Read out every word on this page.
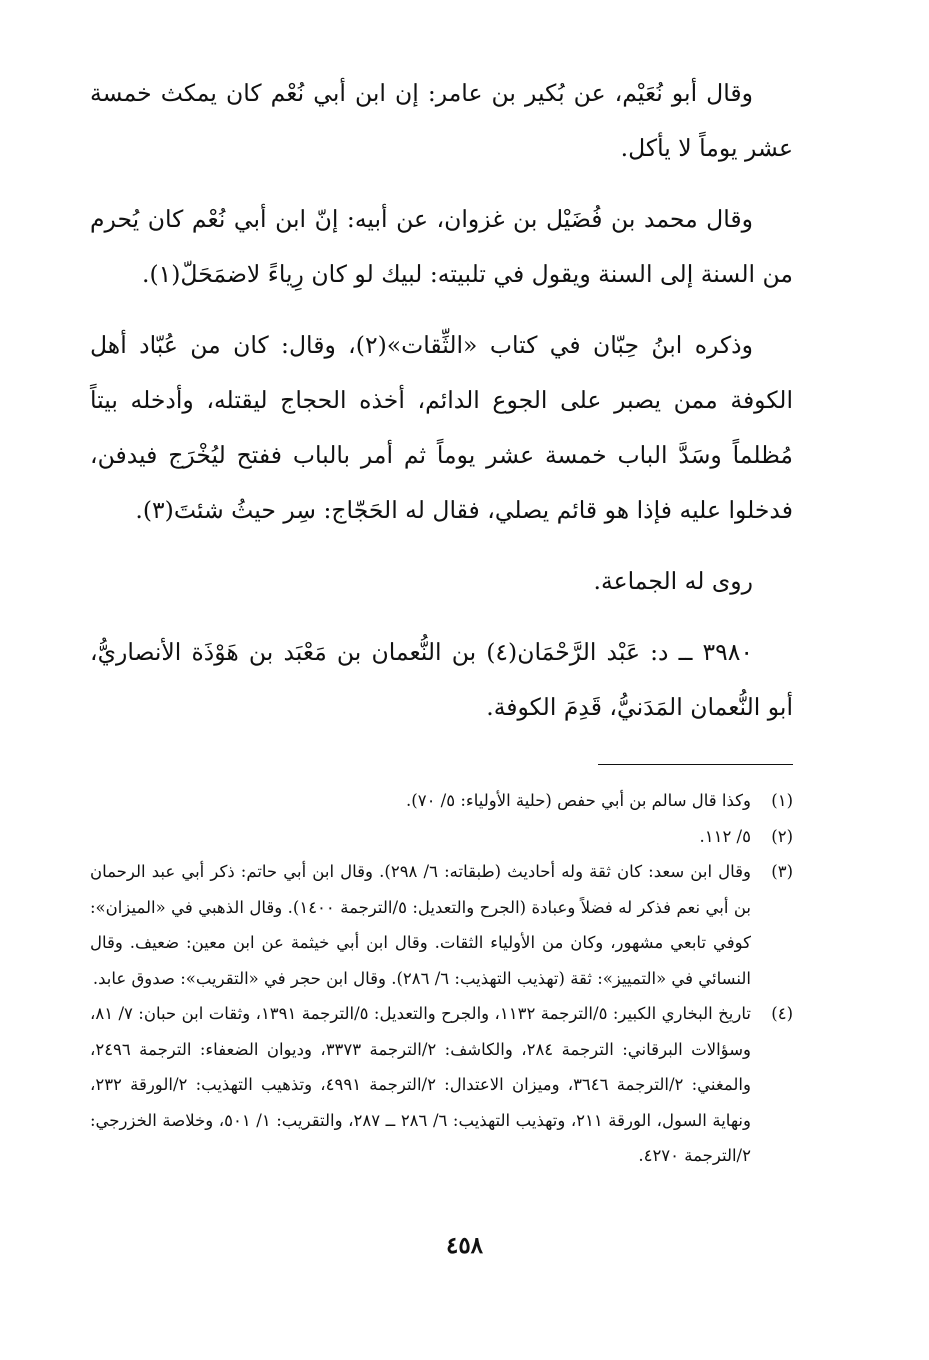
وقال أبو نُعَيْم، عن بُكير بن عامر: إن ابن أبي نُعْم كان يمكث خمسة عشر يوماً لا يأكل.

وقال محمد بن فُضَيْل بن غزوان، عن أبيه: إنّ ابن أبي نُعْم كان يُحرم من السنة إلى السنة ويقول في تلبيته: لبيك لو كان رِياءً لاضمَحَلّ(١).

وذكره ابنُ حِبّان في كتاب «الثِّقات»(٢)، وقال: كان من عُبّاد أهل الكوفة ممن يصبر على الجوع الدائم، أخذه الحجاج ليقتله، وأدخله بيتاً مُظلماً وسَدَّ الباب خمسة عشر يوماً ثم أمر بالباب ففتح ليُخْرَج فيدفن، فدخلوا عليه فإذا هو قائم يصلي، فقال له الحَجّاج: سِر حيثُ شئتَ(٣).

روى له الجماعة.

٣٩٨٠ ــ د: عَبْد الرَّحْمَان(٤) بن النُّعمان بن مَعْبَد بن هَوْذَة الأنصاريُّ، أبو النُّعمان المَدَنيُّ، قَدِمَ الكوفة.

(١)
وكذا قال سالم بن أبي حفص (حلية الأولياء: ٥/ ٧٠).
(٢)
٥/ ١١٢.
(٣)
وقال ابن سعد: كان ثقة وله أحاديث (طبقاته: ٦/ ٢٩٨). وقال ابن أبي حاتم: ذكر أبي عبد الرحمان بن أبي نعم فذكر له فضلاً وعبادة (الجرح والتعديل: ٥/الترجمة ١٤٠٠). وقال الذهبي في «الميزان»: كوفي تابعي مشهور، وكان من الأولياء الثقات. وقال ابن أبي خيثمة عن ابن معين: ضعيف. وقال النسائي في «التمييز»: ثقة (تهذيب التهذيب: ٦/ ٢٨٦). وقال ابن حجر في «التقريب»: صدوق عابد.
(٤)
تاريخ البخاري الكبير: ٥/الترجمة ١١٣٢، والجرح والتعديل: ٥/الترجمة ١٣٩١، وثقات ابن حبان: ٧/ ٨١، وسؤالات البرقاني: الترجمة ٢٨٤، والكاشف: ٢/الترجمة ٣٣٧٣، وديوان الضعفاء: الترجمة ٢٤٩٦، والمغني: ٢/الترجمة ٣٦٤٦، وميزان الاعتدال: ٢/الترجمة ٤٩٩١، وتذهيب التهذيب: ٢/الورقة ٢٣٢، ونهاية السول، الورقة ٢١١، وتهذيب التهذيب: ٦/ ٢٨٦ ــ ٢٨٧، والتقريب: ١/ ٥٠١، وخلاصة الخزرجي: ٢/الترجمة ٤٢٧٠.
٤٥٨
